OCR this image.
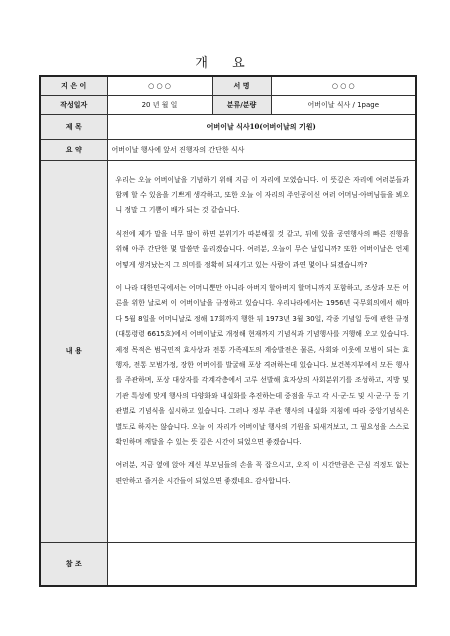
개 요
지 은 이	○ ○ ○	서 명	○ ○ ○
작성일자	20 년 월 일	분류/분량	어버이날 식사 / 1page
제 목	어버이날 식사10(어버이날의 기원)		
요 약	어버이날 행사에 앞서 진행자의 간단한 식사		
내 용	우리는 오늘 어버이날을 기념하기 위해 지금 이 자리에 모였습니다. 이 뜻깊은 자리에 여러분들과 함께 할 수 있음을 기쁘게 생각하고, 또한 오늘 이 자리의 주인공이신 여러 어머님·아버님들을 뵈오니 정말 그 기쁨이 배가 되는 것 같습니다.

식전에 제가 말을 너무 많이 하면 분위기가 따분해질 것 같고, 뒤에 있을 공연행사의 빠른 진행을 위해 아주 간단한 몇 말씀만 올리겠습니다. 여러분, 오늘이 무슨 날입니까? 또한 어버이날은 언제 어떻게 생겨났는지 그 의미를 정확히 되새기고 있는 사람이 과연 몇이나 되겠습니까?

이 나라 대한민국에서는 어머니뿐만 아니라 아버지 할아버지 할머니까지 포함하고, 조상과 모든 어른을 위한 날로써 이 어버이날을 규정하고 있습니다. 우리나라에서는 1956년 국무회의에서 해마다 5월 8일을 어머니날로 정해 17회까지 행한 뒤 1973년 3월 30일, 각종 기념일 등에 관한 규정(대통령령 6615호)에서 어버이날로 개정해 현재까지 기념식과 기념행사를 거행해 오고 있습니다. 제정 목적은 범국민적 효사상과 전통 가족제도의 계승발전은 물론, 사회와 이웃에 모범이 되는 효행자, 전통 모범가정, 장한 어버이를 발굴해 포상 격려하는데 있습니다. 보건복지부에서 모든 행사를 주관하며, 포상 대상자를 각계각층에서 고루 선발해 효자상의 사회분위기를 조성하고, 지방 및 기관 특성에 맞게 행사의 다양화와 내실화를 추진하는데 중점을 두고 각 시·군·도 및 시·군·구 등 기관별로 기념식을 실시하고 있습니다. 그러나 정부 주관 행사의 내실화 지침에 따라 중앙기념식은 별도로 하지는 않습니다. 오늘 이 자리가 어버이날 행사의 기원을 되새겨보고, 그 필요성을 스스로 확인하며 깨달을 수 있는 뜻 깊은 시간이 되었으면 좋겠습니다.

여러분, 지금 옆에 앉아 계신 부모님들의 손을 꼭 잡으시고, 오직 이 시간만큼은 근심 걱정도 없는 편안하고 즐거운 시간들이 되었으면 좋겠네요. 감사합니다.		

참 조			
